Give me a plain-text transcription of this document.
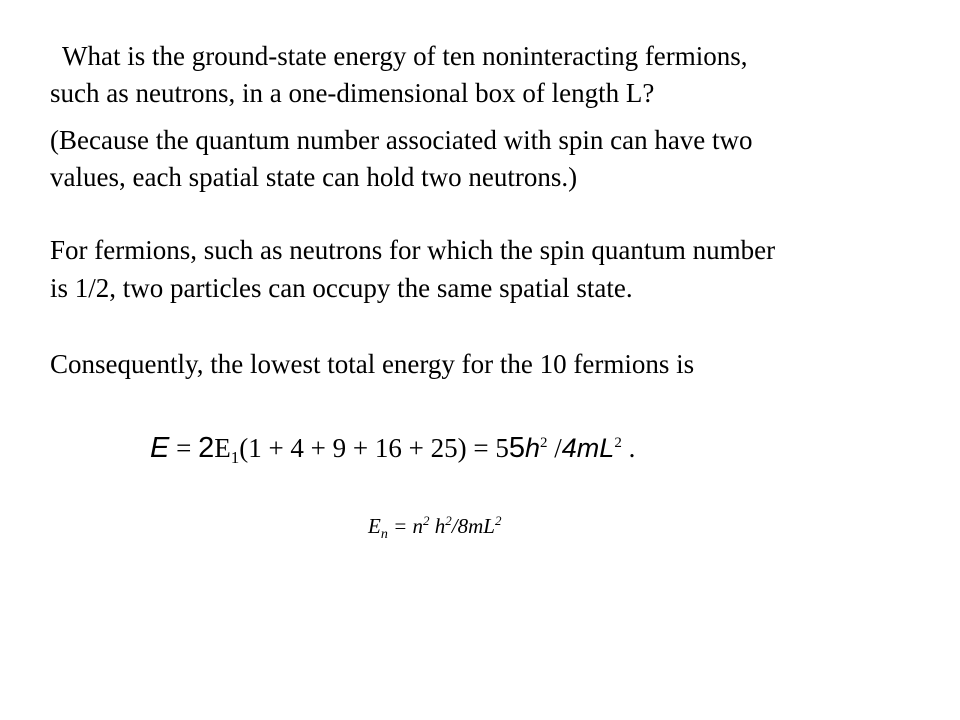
What is the ground-state energy of ten noninteracting fermions,
such as neutrons, in a one-dimensional box of length L?
(Because the quantum number associated with spin can have two
values, each spatial state can hold two neutrons.)
For fermions, such as neutrons for which the spin quantum number
is 1/2, two particles can occupy the same spatial state.
Consequently, the lowest total energy for the 10 fermions is
$E = 2E_1(1 + 4 + 9 + 16 + 25) = 55h^2$ $/4mL^2$ .
$E_n = n^2$ $h^2/8mL^2$
